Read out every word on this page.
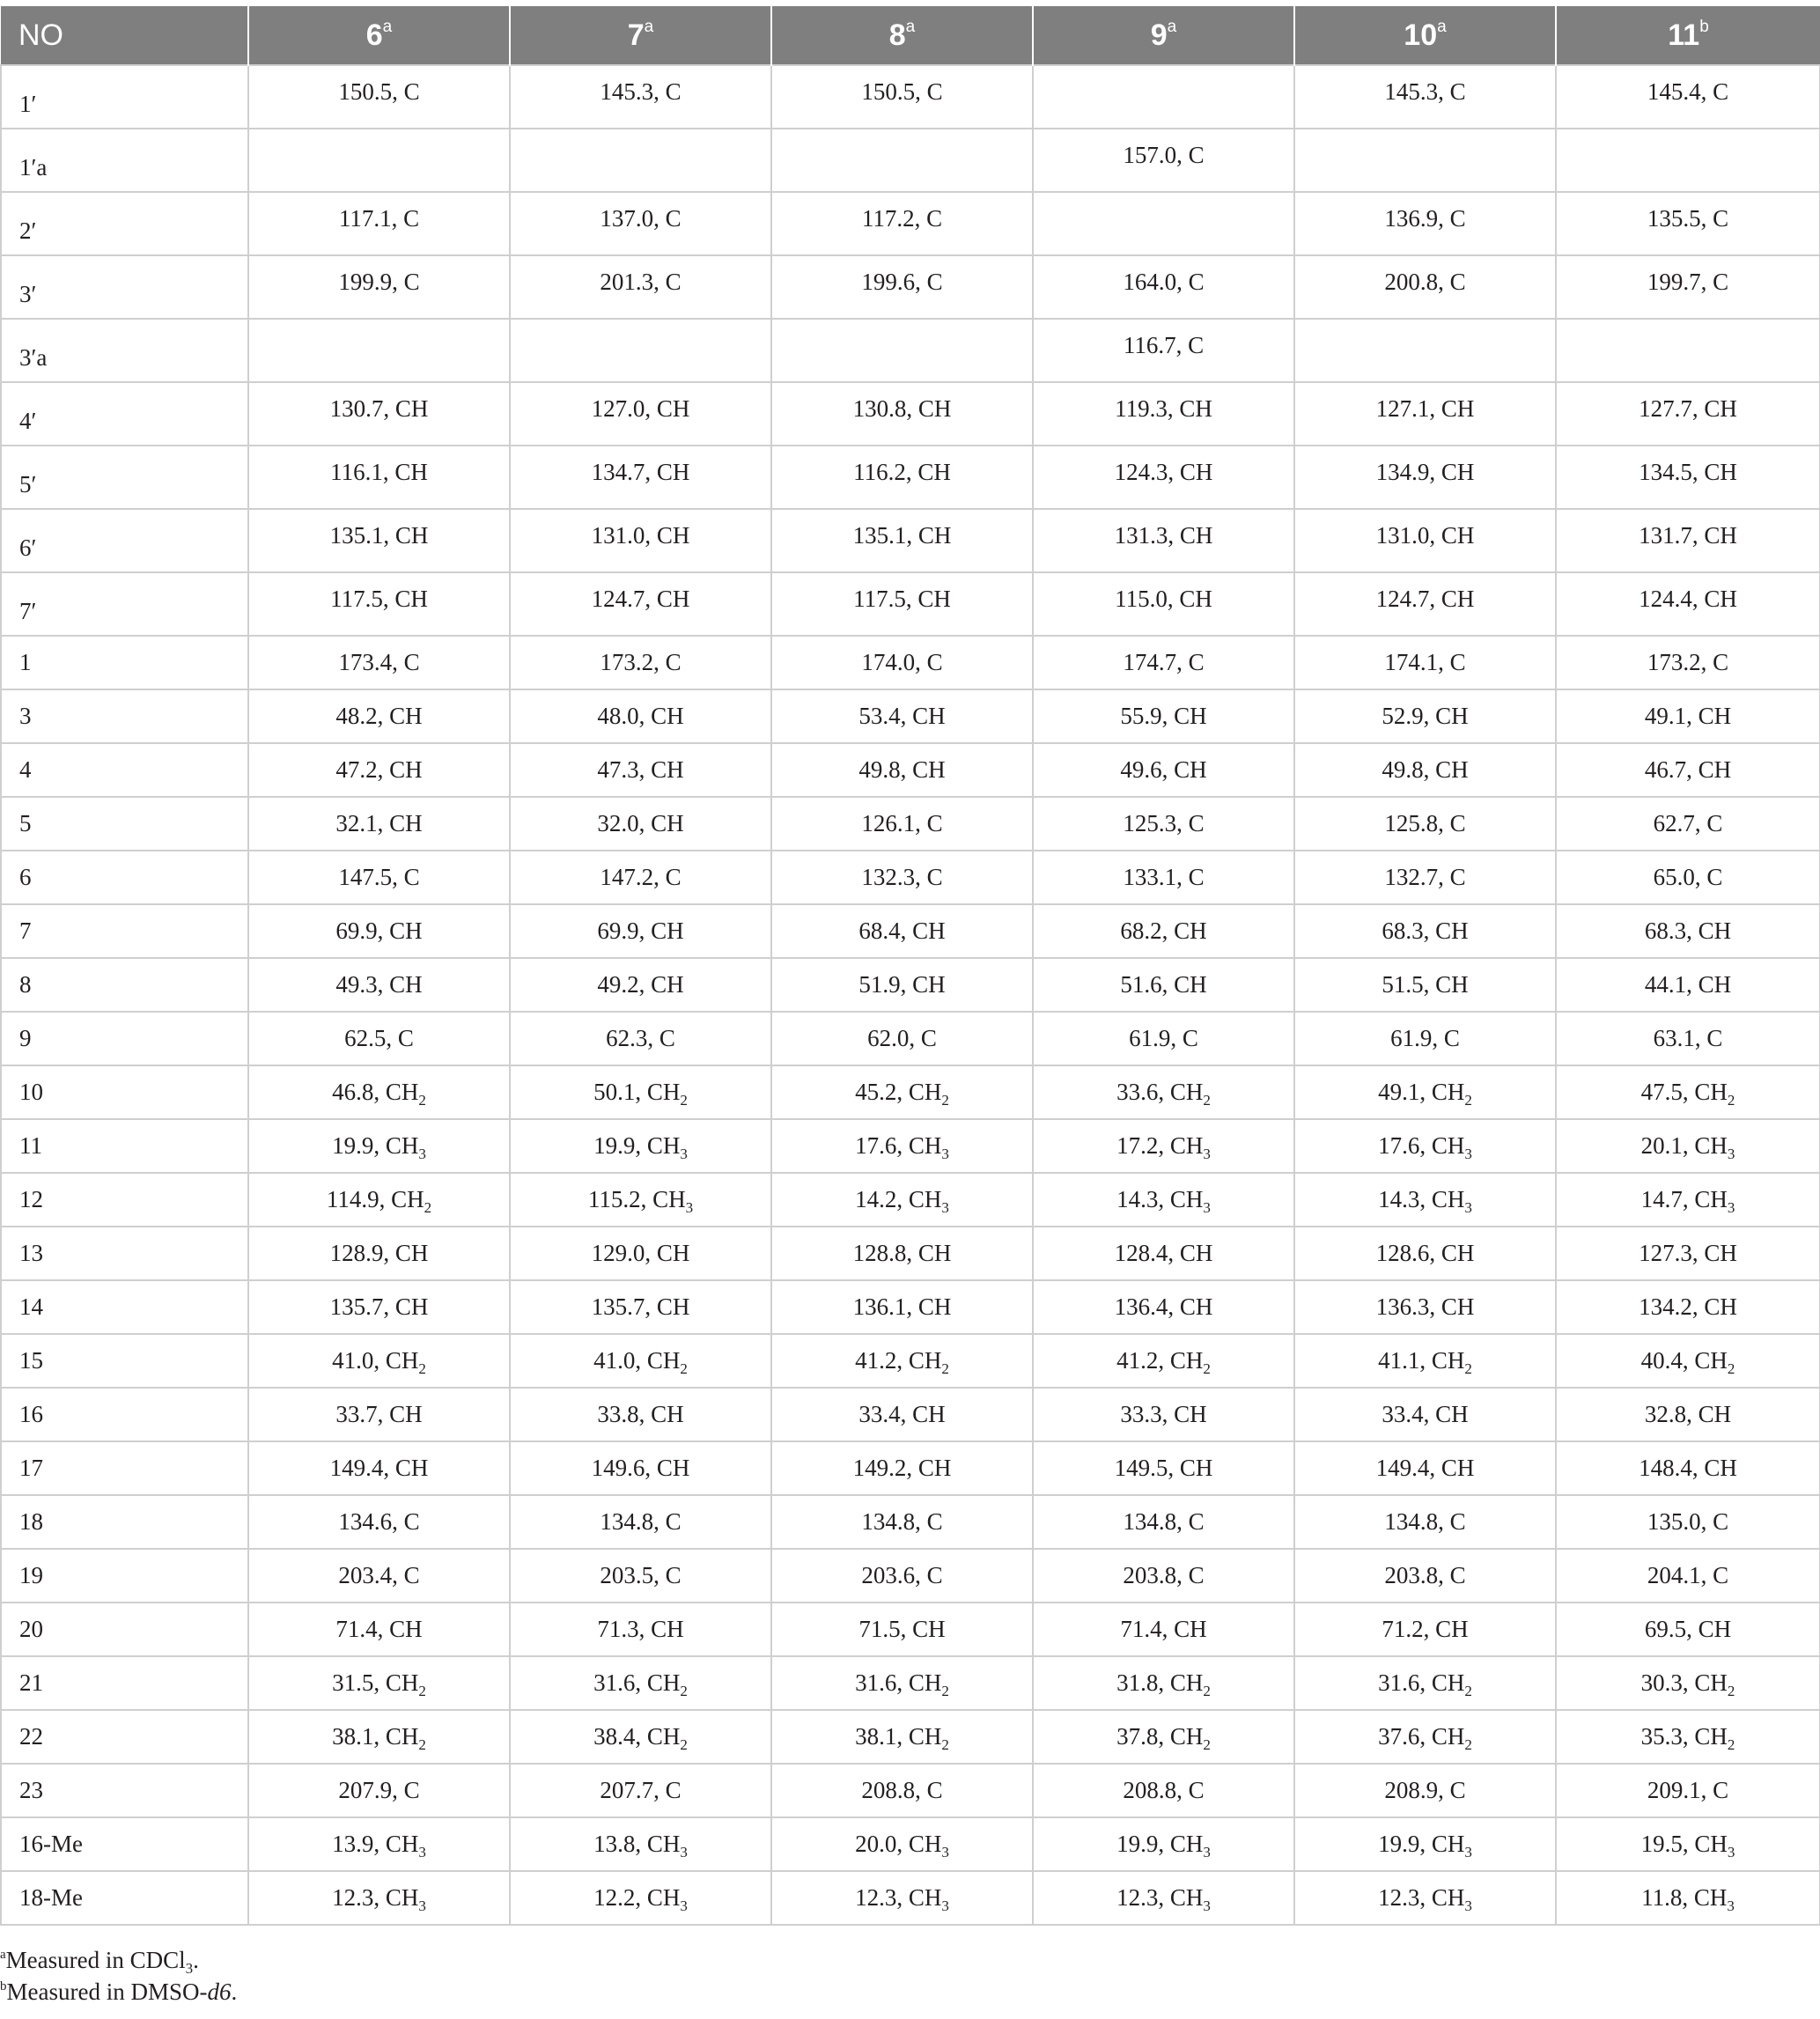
NO	6$^a$	7$^a$	8$^a$	9$^a$	10$^a$	11$^b$
1′	150.5, C	145.3, C	150.5, C		145.3, C	145.4, C
1′a				157.0, C		
2′	117.1, C	137.0, C	117.2, C		136.9, C	135.5, C
3′	199.9, C	201.3, C	199.6, C	164.0, C	200.8, C	199.7, C
3′a				116.7, C		
4′	130.7, CH	127.0, CH	130.8, CH	119.3, CH	127.1, CH	127.7, CH
5′	116.1, CH	134.7, CH	116.2, CH	124.3, CH	134.9, CH	134.5, CH
6′	135.1, CH	131.0, CH	135.1, CH	131.3, CH	131.0, CH	131.7, CH
7′	117.5, CH	124.7, CH	117.5, CH	115.0, CH	124.7, CH	124.4, CH
1	173.4, C	173.2, C	174.0, C	174.7, C	174.1, C	173.2, C
3	48.2, CH	48.0, CH	53.4, CH	55.9, CH	52.9, CH	49.1, CH
4	47.2, CH	47.3, CH	49.8, CH	49.6, CH	49.8, CH	46.7, CH
5	32.1, CH	32.0, CH	126.1, C	125.3, C	125.8, C	62.7, C
6	147.5, C	147.2, C	132.3, C	133.1, C	132.7, C	65.0, C
7	69.9, CH	69.9, CH	68.4, CH	68.2, CH	68.3, CH	68.3, CH
8	49.3, CH	49.2, CH	51.9, CH	51.6, CH	51.5, CH	44.1, CH
9	62.5, C	62.3, C	62.0, C	61.9, C	61.9, C	63.1, C
10	46.8, $CH_2$	50.1, $CH_2$	45.2, $CH_2$	33.6, $CH_2$	49.1, $CH_2$	47.5, $CH_2$
11	19.9, $CH_3$	19.9, $CH_3$	17.6, $CH_3$	17.2, $CH_3$	17.6, $CH_3$	20.1, $CH_3$
12	114.9, $CH_2$	115.2, $CH_3$	14.2, $CH_3$	14.3, $CH_3$	14.3, $CH_3$	14.7, $CH_3$
13	128.9, CH	129.0, CH	128.8, CH	128.4, CH	128.6, CH	127.3, CH
14	135.7, CH	135.7, CH	136.1, CH	136.4, CH	136.3, CH	134.2, CH
15	41.0, $CH_2$	41.0, $CH_2$	41.2, $CH_2$	41.2, $CH_2$	41.1, $CH_2$	40.4, $CH_2$
16	33.7, CH	33.8, CH	33.4, CH	33.3, CH	33.4, CH	32.8, CH
17	149.4, CH	149.6, CH	149.2, CH	149.5, CH	149.4, CH	148.4, CH
18	134.6, C	134.8, C	134.8, C	134.8, C	134.8, C	135.0, C
19	203.4, C	203.5, C	203.6, C	203.8, C	203.8, C	204.1, C
20	71.4, CH	71.3, CH	71.5, CH	71.4, CH	71.2, CH	69.5, CH
21	31.5, $CH_2$	31.6, $CH_2$	31.6, $CH_2$	31.8, $CH_2$	31.6, $CH_2$	30.3, $CH_2$
22	38.1, $CH_2$	38.4, $CH_2$	38.1, $CH_2$	37.8, $CH_2$	37.6, $CH_2$	35.3, $CH_2$
23	207.9, C	207.7, C	208.8, C	208.8, C	208.9, C	209.1, C
16-Me	13.9, $CH_3$	13.8, $CH_3$	20.0, $CH_3$	19.9, $CH_3$	19.9, $CH_3$	19.5, $CH_3$
18-Me	12.3, $CH_3$	12.2, $CH_3$	12.3, $CH_3$	12.3, $CH_3$	12.3, $CH_3$	11.8, $CH_3$
$^a$Measured in CDCl$_3$.
$^b$Measured in DMSO-d6.
